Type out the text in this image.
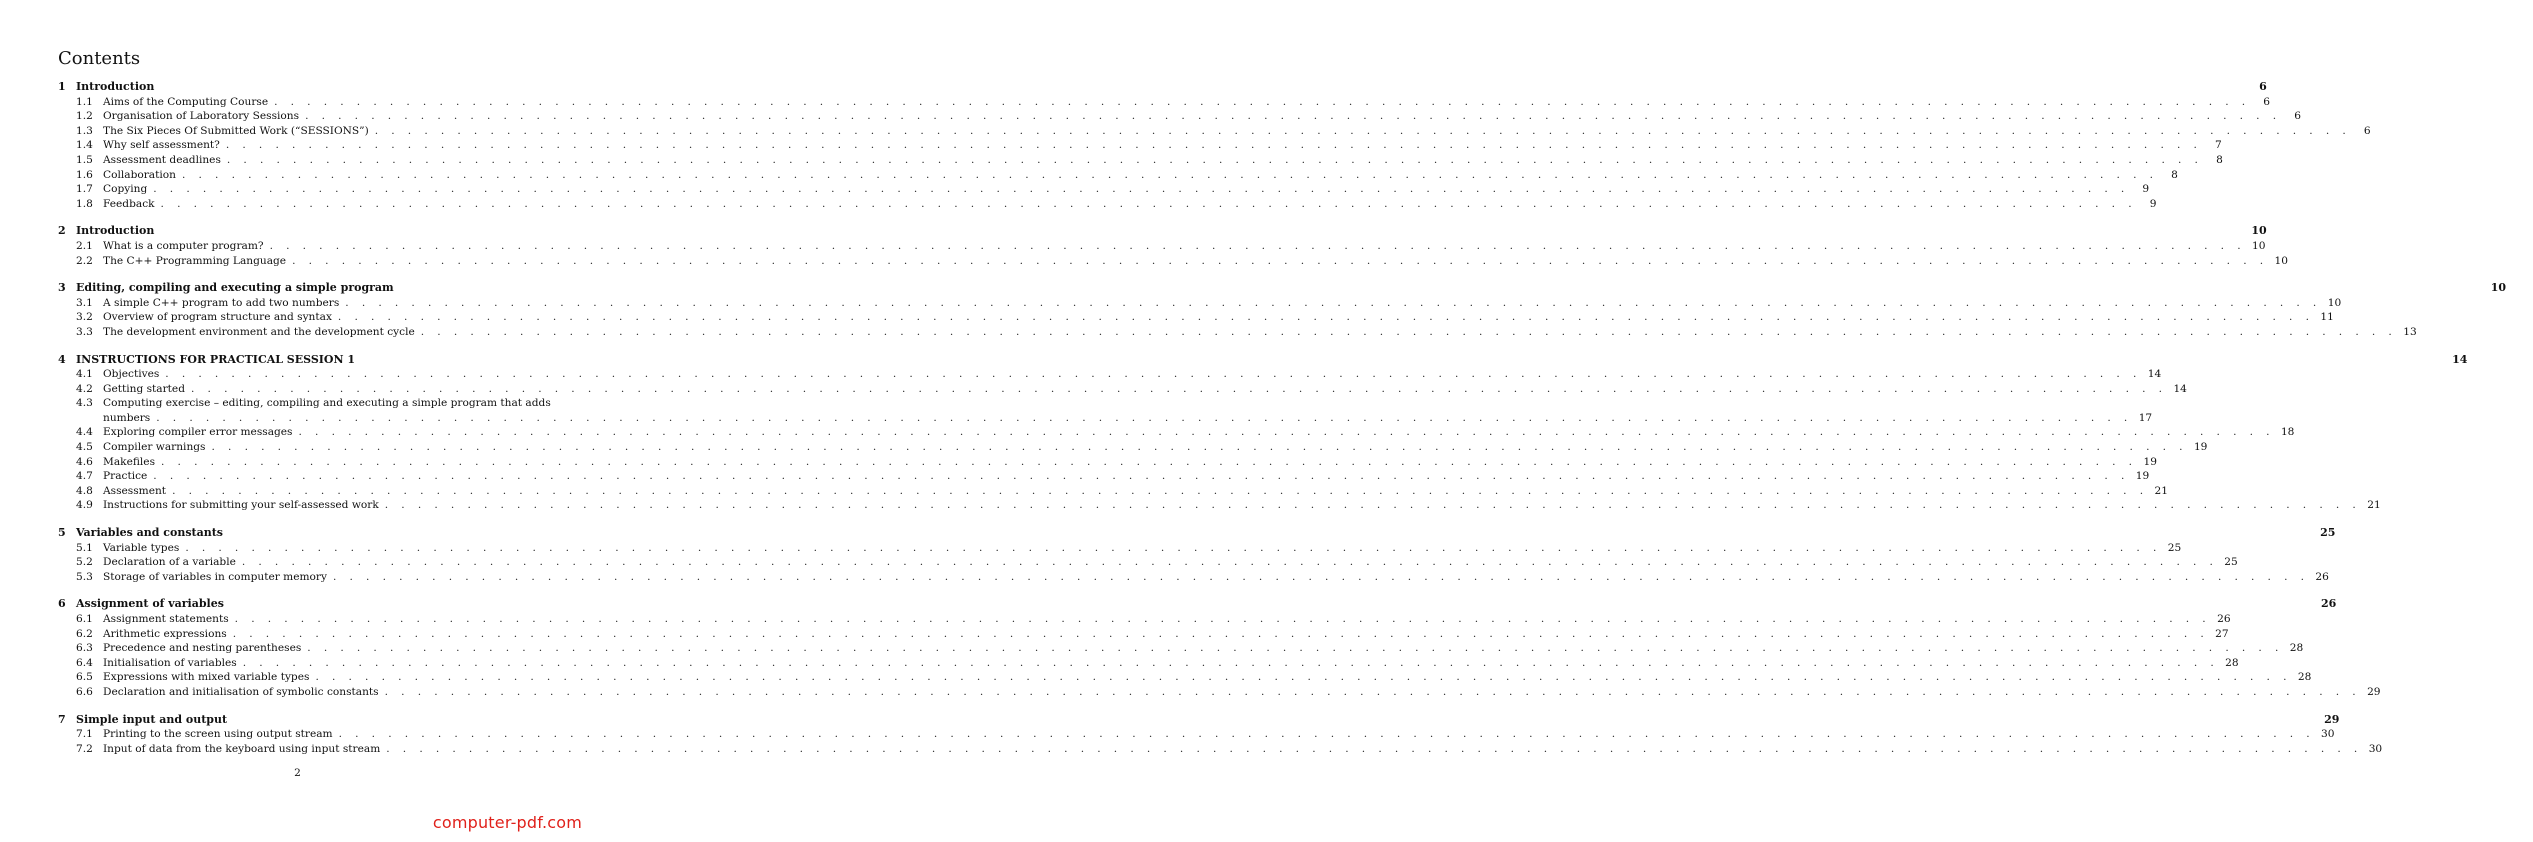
Contents
1 Introduction	6
1.1 Aims of the Computing Course . . . . . . . . . . . . . . . . . . . . . . . . . . . . . . . . . . . . . . . . . . . . . . . . . . . . . . . . . . . . . . . . . . . . . . . . . . . . . . . . . . . . . . . . . . . . . . . . . . . . . . . . . . . . . . . . . . . . . . . .	6
1.2 Organisation of Laboratory Sessions . . . . . . . . . . . . . . . . . . . . . . . . . . . . . . . . . . . . . . . . . . . . . . . . . . . . . . . . . . . . . . . . . . . . . . . . . . . . . . . . . . . . . . . . . . . . . . . . . . . . . . . . . . . . . . . . . . . . . . . .	6
1.3 The Six Pieces Of Submitted Work (“SESSIONS”) . . . . . . . . . . . . . . . . . . . . . . . . . . . . . . . . . . . . . . . . . . . . . . . . . . . . . . . . . . . . . . . . . . . . . . . . . . . . . . . . . . . . . . . . . . . . . . . . . . . . . . . . . . . . . . . . . . . . . . . .	6
1.4 Why self assessment? . . . . . . . . . . . . . . . . . . . . . . . . . . . . . . . . . . . . . . . . . . . . . . . . . . . . . . . . . . . . . . . . . . . . . . . . . . . . . . . . . . . . . . . . . . . . . . . . . . . . . . . . . . . . . . . . . . . . . . . .	7
1.5 Assessment deadlines . . . . . . . . . . . . . . . . . . . . . . . . . . . . . . . . . . . . . . . . . . . . . . . . . . . . . . . . . . . . . . . . . . . . . . . . . . . . . . . . . . . . . . . . . . . . . . . . . . . . . . . . . . . . . . . . . . . . . . . .	8
1.6 Collaboration . . . . . . . . . . . . . . . . . . . . . . . . . . . . . . . . . . . . . . . . . . . . . . . . . . . . . . . . . . . . . . . . . . . . . . . . . . . . . . . . . . . . . . . . . . . . . . . . . . . . . . . . . . . . . . . . . . . . . . . .	8
1.7 Copying . . . . . . . . . . . . . . . . . . . . . . . . . . . . . . . . . . . . . . . . . . . . . . . . . . . . . . . . . . . . . . . . . . . . . . . . . . . . . . . . . . . . . . . . . . . . . . . . . . . . . . . . . . . . . . . . . . . . . . . .	9
1.8 Feedback . . . . . . . . . . . . . . . . . . . . . . . . . . . . . . . . . . . . . . . . . . . . . . . . . . . . . . . . . . . . . . . . . . . . . . . . . . . . . . . . . . . . . . . . . . . . . . . . . . . . . . . . . . . . . . . . . . . . . . . .	9
2 Introduction	10
2.1 What is a computer program? . . . . . . . . . . . . . . . . . . . . . . . . . . . . . . . . . . . . . . . . . . . . . . . . . . . . . . . . . . . . . . . . . . . . . . . . . . . . . . . . . . . . . . . . . . . . . . . . . . . . . . . . . . . . . . . . . . . . . . . . 10
2.2 The C++ Programming Language . . . . . . . . . . . . . . . . . . . . . . . . . . . . . . . . . . . . . . . . . . . . . . . . . . . . . . . . . . . . . . . . . . . . . . . . . . . . . . . . . . . . . . . . . . . . . . . . . . . . . . . . . . . . . . . . . . . . . . . . 10
3 Editing, compiling and executing a simple program	10
3.1 A simple C++ program to add two numbers . . . . . . . . . . . . . . . . . . . . . . . . . . . . . . . . . . . . . . . . . . . . . . . . . . . . . . . . . . . . . . . . . . . . . . . . . . . . . . . . . . . . . . . . . . . . . . . . . . . . . . . . . . . . . . . . . . . . . . . . 10
3.2 Overview of program structure and syntax . . . . . . . . . . . . . . . . . . . . . . . . . . . . . . . . . . . . . . . . . . . . . . . . . . . . . . . . . . . . . . . . . . . . . . . . . . . . . . . . . . . . . . . . . . . . . . . . . . . . . . . . . . . . . . . . . . . . . . . . 11
3.3 The development environment and the development cycle . . . . . . . . . . . . . . . . . . . . . . . . . . . . . . . . . . . . . . . . . . . . . . . . . . . . . . . . . . . . . . . . . . . . . . . . . . . . . . . . . . . . . . . . . . . . . . . . . . . . . . . . . . . . . . . . . . . . . . . . 13
4 INSTRUCTIONS FOR PRACTICAL SESSION 1	14
4.1 Objectives . . . . . . . . . . . . . . . . . . . . . . . . . . . . . . . . . . . . . . . . . . . . . . . . . . . . . . . . . . . . . . . . . . . . . . . . . . . . . . . . . . . . . . . . . . . . . . . . . . . . . . . . . . . . . . . . . . . . . . . . 14
4.2 Getting started . . . . . . . . . . . . . . . . . . . . . . . . . . . . . . . . . . . . . . . . . . . . . . . . . . . . . . . . . . . . . . . . . . . . . . . . . . . . . . . . . . . . . . . . . . . . . . . . . . . . . . . . . . . . . . . . . . . . . . . . 14
4.3 Computing exercise – editing, compiling and executing a simple program that adds
numbers . . . . . . . . . . . . . . . . . . . . . . . . . . . . . . . . . . . . . . . . . . . . . . . . . . . . . . . . . . . . . . . . . . . . . . . . . . . . . . . . . . . . . . . . . . . . . . . . . . . . . . . . . . . . . . . . . . . . . . . . 17
4.4 Exploring compiler error messages . . . . . . . . . . . . . . . . . . . . . . . . . . . . . . . . . . . . . . . . . . . . . . . . . . . . . . . . . . . . . . . . . . . . . . . . . . . . . . . . . . . . . . . . . . . . . . . . . . . . . . . . . . . . . . . . . . . . . . . . 18
4.5 Compiler warnings . . . . . . . . . . . . . . . . . . . . . . . . . . . . . . . . . . . . . . . . . . . . . . . . . . . . . . . . . . . . . . . . . . . . . . . . . . . . . . . . . . . . . . . . . . . . . . . . . . . . . . . . . . . . . . . . . . . . . . . . 19
4.6 Makefiles . . . . . . . . . . . . . . . . . . . . . . . . . . . . . . . . . . . . . . . . . . . . . . . . . . . . . . . . . . . . . . . . . . . . . . . . . . . . . . . . . . . . . . . . . . . . . . . . . . . . . . . . . . . . . . . . . . . . . . . . 19
4.7 Practice . . . . . . . . . . . . . . . . . . . . . . . . . . . . . . . . . . . . . . . . . . . . . . . . . . . . . . . . . . . . . . . . . . . . . . . . . . . . . . . . . . . . . . . . . . . . . . . . . . . . . . . . . . . . . . . . . . . . . . . . 19
4.8 Assessment . . . . . . . . . . . . . . . . . . . . . . . . . . . . . . . . . . . . . . . . . . . . . . . . . . . . . . . . . . . . . . . . . . . . . . . . . . . . . . . . . . . . . . . . . . . . . . . . . . . . . . . . . . . . . . . . . . . . . . . . 21
4.9 Instructions for submitting your self-assessed work . . . . . . . . . . . . . . . . . . . . . . . . . . . . . . . . . . . . . . . . . . . . . . . . . . . . . . . . . . . . . . . . . . . . . . . . . . . . . . . . . . . . . . . . . . . . . . . . . . . . . . . . . . . . . . . . . . . . . . . . 21
5 Variables and constants	25
5.1 Variable types . . . . . . . . . . . . . . . . . . . . . . . . . . . . . . . . . . . . . . . . . . . . . . . . . . . . . . . . . . . . . . . . . . . . . . . . . . . . . . . . . . . . . . . . . . . . . . . . . . . . . . . . . . . . . . . . . . . . . . . . 25
5.2 Declaration of a variable . . . . . . . . . . . . . . . . . . . . . . . . . . . . . . . . . . . . . . . . . . . . . . . . . . . . . . . . . . . . . . . . . . . . . . . . . . . . . . . . . . . . . . . . . . . . . . . . . . . . . . . . . . . . . . . . . . . . . . . . 25
5.3 Storage of variables in computer memory . . . . . . . . . . . . . . . . . . . . . . . . . . . . . . . . . . . . . . . . . . . . . . . . . . . . . . . . . . . . . . . . . . . . . . . . . . . . . . . . . . . . . . . . . . . . . . . . . . . . . . . . . . . . . . . . . . . . . . . . 26
6 Assignment of variables	26
6.1 Assignment statements . . . . . . . . . . . . . . . . . . . . . . . . . . . . . . . . . . . . . . . . . . . . . . . . . . . . . . . . . . . . . . . . . . . . . . . . . . . . . . . . . . . . . . . . . . . . . . . . . . . . . . . . . . . . . . . . . . . . . . . . 26
6.2 Arithmetic expressions . . . . . . . . . . . . . . . . . . . . . . . . . . . . . . . . . . . . . . . . . . . . . . . . . . . . . . . . . . . . . . . . . . . . . . . . . . . . . . . . . . . . . . . . . . . . . . . . . . . . . . . . . . . . . . . . . . . . . . . . 27
6.3 Precedence and nesting parentheses . . . . . . . . . . . . . . . . . . . . . . . . . . . . . . . . . . . . . . . . . . . . . . . . . . . . . . . . . . . . . . . . . . . . . . . . . . . . . . . . . . . . . . . . . . . . . . . . . . . . . . . . . . . . . . . . . . . . . . . . 28
6.4 Initialisation of variables . . . . . . . . . . . . . . . . . . . . . . . . . . . . . . . . . . . . . . . . . . . . . . . . . . . . . . . . . . . . . . . . . . . . . . . . . . . . . . . . . . . . . . . . . . . . . . . . . . . . . . . . . . . . . . . . . . . . . . . . 28
6.5 Expressions with mixed variable types . . . . . . . . . . . . . . . . . . . . . . . . . . . . . . . . . . . . . . . . . . . . . . . . . . . . . . . . . . . . . . . . . . . . . . . . . . . . . . . . . . . . . . . . . . . . . . . . . . . . . . . . . . . . . . . . . . . . . . . . 28
6.6 Declaration and initialisation of symbolic constants . . . . . . . . . . . . . . . . . . . . . . . . . . . . . . . . . . . . . . . . . . . . . . . . . . . . . . . . . . . . . . . . . . . . . . . . . . . . . . . . . . . . . . . . . . . . . . . . . . . . . . . . . . . . . . . . . . . . . . . . 29
7 Simple input and output	29
7.1 Printing to the screen using output stream . . . . . . . . . . . . . . . . . . . . . . . . . . . . . . . . . . . . . . . . . . . . . . . . . . . . . . . . . . . . . . . . . . . . . . . . . . . . . . . . . . . . . . . . . . . . . . . . . . . . . . . . . . . . . . . . . . . . . . . . 30
7.2 Input of data from the keyboard using input stream . . . . . . . . . . . . . . . . . . . . . . . . . . . . . . . . . . . . . . . . . . . . . . . . . . . . . . . . . . . . . . . . . . . . . . . . . . . . . . . . . . . . . . . . . . . . . . . . . . . . . . . . . . . . . . . . . . . . . . . . 30
2
computer-pdf.com
